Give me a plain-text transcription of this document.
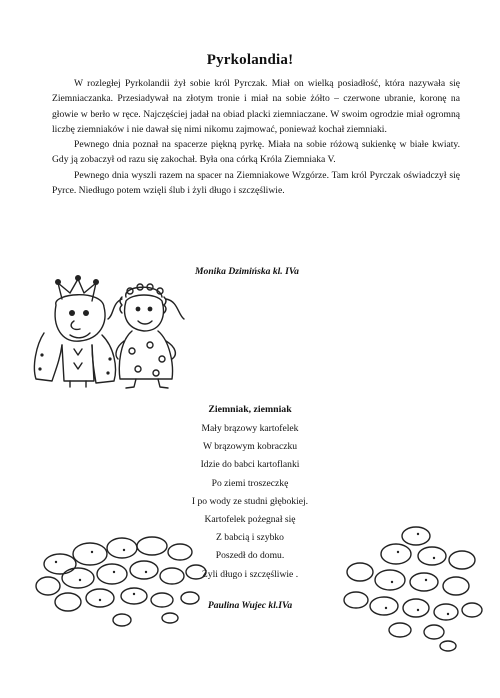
Pyrkolandia!

W rozległej Pyrkolandii żył sobie król Pyrczak. Miał on wielką posiadłość, która nazywała się Ziemniaczanka. Przesiadywał na złotym tronie i miał na sobie żółto – czerwone ubranie, koronę na głowie w berło w ręce. Najczęściej jadał na obiad placki ziemniaczane. W swoim ogrodzie miał ogromną liczbę ziemniaków i nie dawał się nimi nikomu zajmować, ponieważ kochał ziemniaki.

Pewnego dnia poznał na spacerze piękną pyrkę. Miała na sobie różową sukienkę w białe kwiaty. Gdy ją zobaczył od razu się zakochał. Była ona córką Króla Ziemniaka V.

Pewnego dnia wyszli razem na spacer na Ziemniakowe Wzgórze. Tam król Pyrczak oświadczył się Pyrce. Niedługo potem wzięli ślub i żyli długo i szczęśliwie.

Monika Dzimińska kl. IVa
Ziemniak, ziemniak
Mały brązowy kartofelek
W brązowym kobraczku
Idzie do babci kartoflanki
Po ziemi troszeczkę
I po wody ze studni głębokiej.
Kartofelek pożegnał się
Z babcią i szybko
Poszedł do domu.
Żyli długo i szczęśliwie .
Paulina Wujec kl.IVa
